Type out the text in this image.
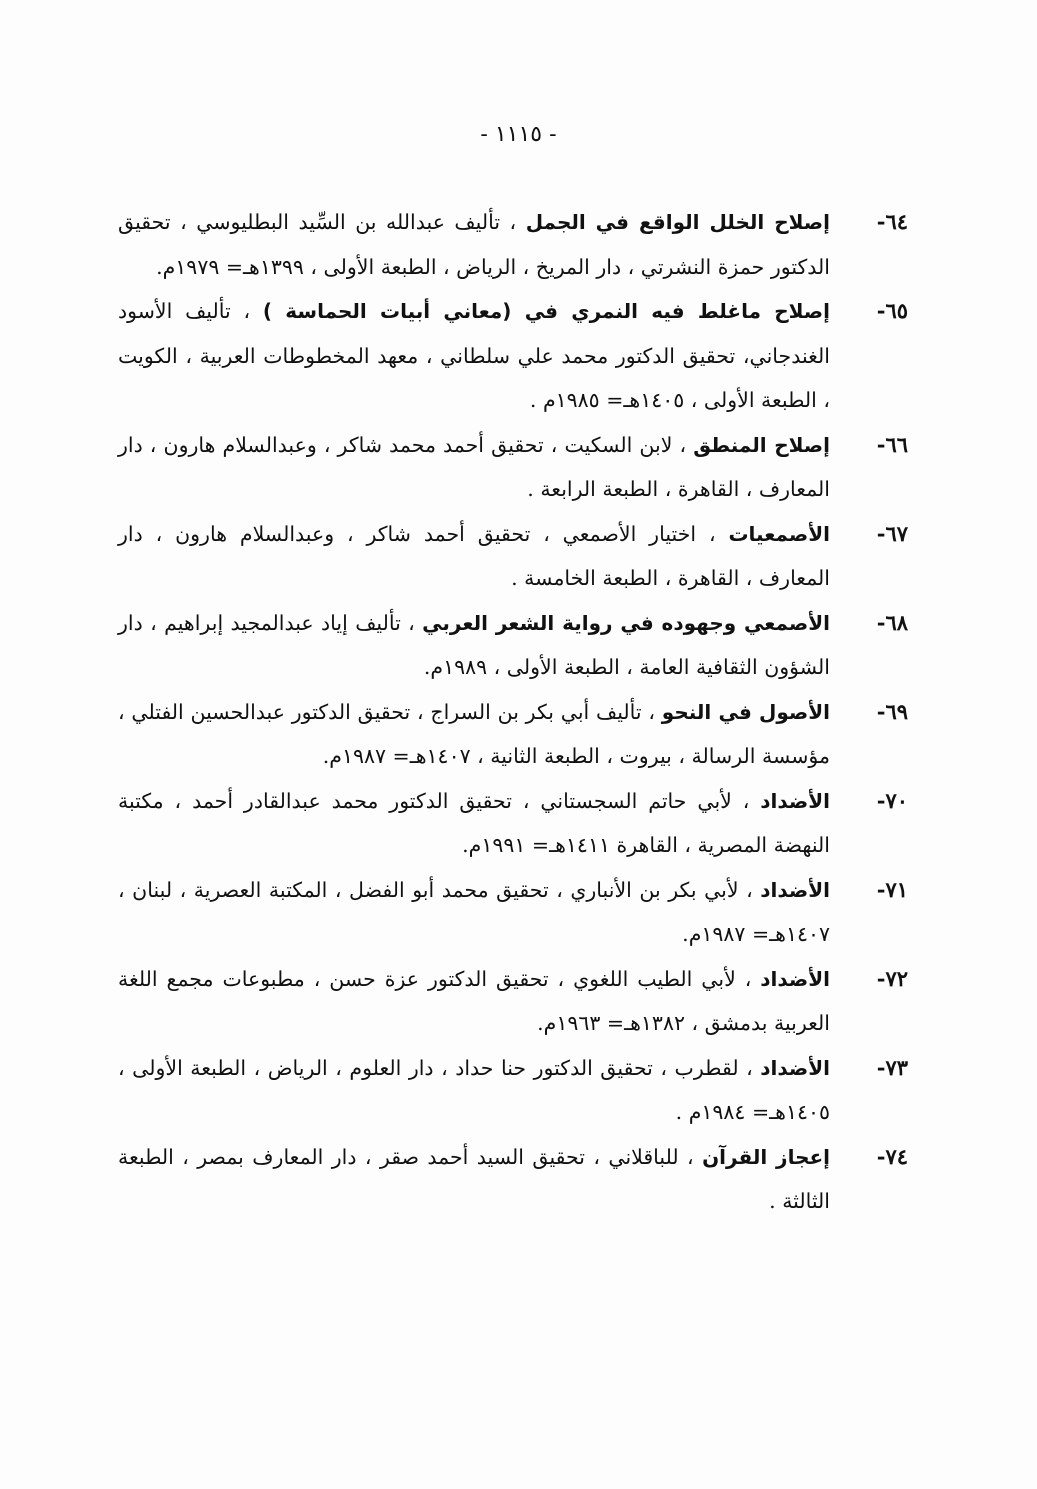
- ١١١٥ -
٦٤-
إصلاح الخلل الواقع في الجمل ، تأليف عبدالله بن السِّيد البطليوسي ، تحقيق الدكتور حمزة النشرتي ، دار المريخ ، الرياض ، الطبعة الأولى ، ١٣٩٩هـ= ١٩٧٩م.
٦٥-
إصلاح ماغلط فيه النمري في (معاني أبيات الحماسة ) ، تأليف الأسود الغندجاني، تحقيق الدكتور محمد علي سلطاني ، معهد المخطوطات العربية ، الكويت ، الطبعة الأولى ، ١٤٠٥هـ= ١٩٨٥م .
٦٦-
إصلاح المنطق ، لابن السكيت ، تحقيق أحمد محمد شاكر ، وعبدالسلام هارون ، دار المعارف ، القاهرة ، الطبعة الرابعة .
٦٧-
الأصمعيات ، اختيار الأصمعي ، تحقيق أحمد شاكر ، وعبدالسلام هارون ، دار المعارف ، القاهرة ، الطبعة الخامسة .
٦٨-
الأصمعي وجهوده في رواية الشعر العربي ، تأليف إياد عبدالمجيد إبراهيم ، دار الشؤون الثقافية العامة ، الطبعة الأولى ، ١٩٨٩م.
٦٩-
الأصول في النحو ، تأليف أبي بكر بن السراج ، تحقيق الدكتور عبدالحسين الفتلي ، مؤسسة الرسالة ، بيروت ، الطبعة الثانية ، ١٤٠٧هـ= ١٩٨٧م.
٧٠-
الأضداد ، لأبي حاتم السجستاني ، تحقيق الدكتور محمد عبدالقادر أحمد ، مكتبة النهضة المصرية ، القاهرة ١٤١١هـ= ١٩٩١م.
٧١-
الأضداد ، لأبي بكر بن الأنباري ، تحقيق محمد أبو الفضل ، المكتبة العصرية ، لبنان ، ١٤٠٧هـ= ١٩٨٧م.
٧٢-
الأضداد ، لأبي الطيب اللغوي ، تحقيق الدكتور عزة حسن ، مطبوعات مجمع اللغة العربية بدمشق ، ١٣٨٢هـ= ١٩٦٣م.
٧٣-
الأضداد ، لقطرب ، تحقيق الدكتور حنا حداد ، دار العلوم ، الرياض ، الطبعة الأولى ، ١٤٠٥هـ= ١٩٨٤م .
٧٤-
إعجاز القرآن ، للباقلاني ، تحقيق السيد أحمد صقر ، دار المعارف بمصر ، الطبعة الثالثة .
